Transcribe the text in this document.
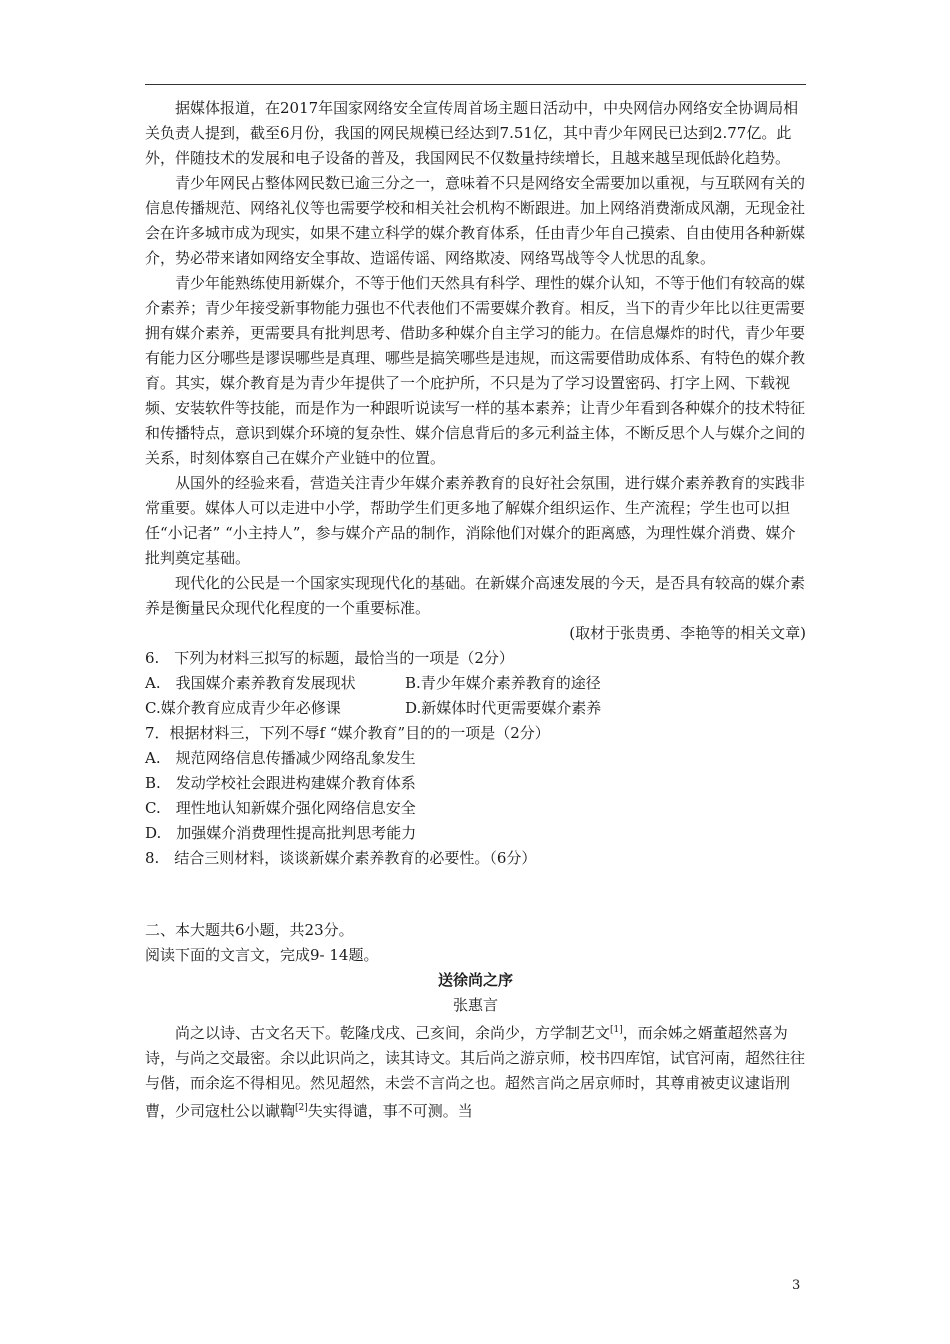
据媒体报道，在2017年国家网络安全宣传周首场主题日活动中，中央网信办网络安全协调局相关负责人提到，截至6月份，我国的网民规模已经达到7.51亿，其中青少年网民已达到2.77亿。此外，伴随技术的发展和电子设备的普及，我国网民不仅数量持续增长，且越来越呈现低龄化趋势。

青少年网民占整体网民数已逾三分之一，意味着不只是网络安全需要加以重视，与互联网有关的信息传播规范、网络礼仪等也需要学校和相关社会机构不断跟进。加上网络消费渐成风潮，无现金社会在许多城市成为现实，如果不建立科学的媒介教育体系，任由青少年自己摸索、自由使用各种新媒介，势必带来诸如网络安全事故、造谣传谣、网络欺凌、网络骂战等令人忧思的乱象。

青少年能熟练使用新媒介，不等于他们天然具有科学、理性的媒介认知，不等于他们有较高的媒介素养；青少年接受新事物能力强也不代表他们不需要媒介教育。相反，当下的青少年比以往更需要拥有媒介素养，更需要具有批判思考、借助多种媒介自主学习的能力。在信息爆炸的时代，青少年要有能力区分哪些是谬误哪些是真理、哪些是搞笑哪些是违规，而这需要借助成体系、有特色的媒介教育。其实，媒介教育是为青少年提供了一个庇护所，不只是为了学习设置密码、打字上网、下载视频、安装软件等技能，而是作为一种跟听说读写一样的基本素养；让青少年看到各种媒介的技术特征和传播特点，意识到媒介环境的复杂性、媒介信息背后的多元利益主体，不断反思个人与媒介之间的关系，时刻体察自己在媒介产业链中的位置。

从国外的经验来看，营造关注青少年媒介素养教育的良好社会氛围，进行媒介素养教育的实践非常重要。媒体人可以走进中小学，帮助学生们更多地了解媒介组织运作、生产流程；学生也可以担任“小记者” “小主持人”，参与媒介产品的制作，消除他们对媒介的距离感，为理性媒介消费、媒介批判奠定基础。

现代化的公民是一个国家实现现代化的基础。在新媒介高速发展的今天，是否具有较高的媒介素养是衡量民众现代化程度的一个重要标准。

(取材于张贵勇、李艳等的相关文章)

6.　下列为材料三拟写的标题，最恰当的一项是（2分）

A.　我国媒介素养教育发展现状	B.青少年媒介素养教育的途径
C.媒介教育应成青少年必修课	D.新媒体时代更需要媒介素养

7．根据材料三，下列不辱f “媒介教育”目的的一项是（2分）

A.　规范网络信息传播减少网络乱象发生

B.　发动学校社会跟进构建媒介教育体系

C.　理性地认知新媒介强化网络信息安全

D.　加强媒介消费理性提高批判思考能力

8.　结合三则材料，谈谈新媒介素养教育的必要性。（6分）

二、本大题共6小题，共23分。

阅读下面的文言文，完成9- 14题。

送徐尚之序

张惠言

尚之以诗、古文名天下。乾隆戊戌、己亥间，余尚少，方学制艺文[1]，而余姊之婿董超然喜为诗，与尚之交最密。余以此识尚之，读其诗文。其后尚之游京师，校书四库馆，试官河南，超然往往与偕，而余迄不得相见。然见超然，未尝不言尚之也。超然言尚之居京师时，其尊甫被吏议逮诣刑曹，少司寇杜公以谳鞫[2]失实得谴，事不可测。当

3
